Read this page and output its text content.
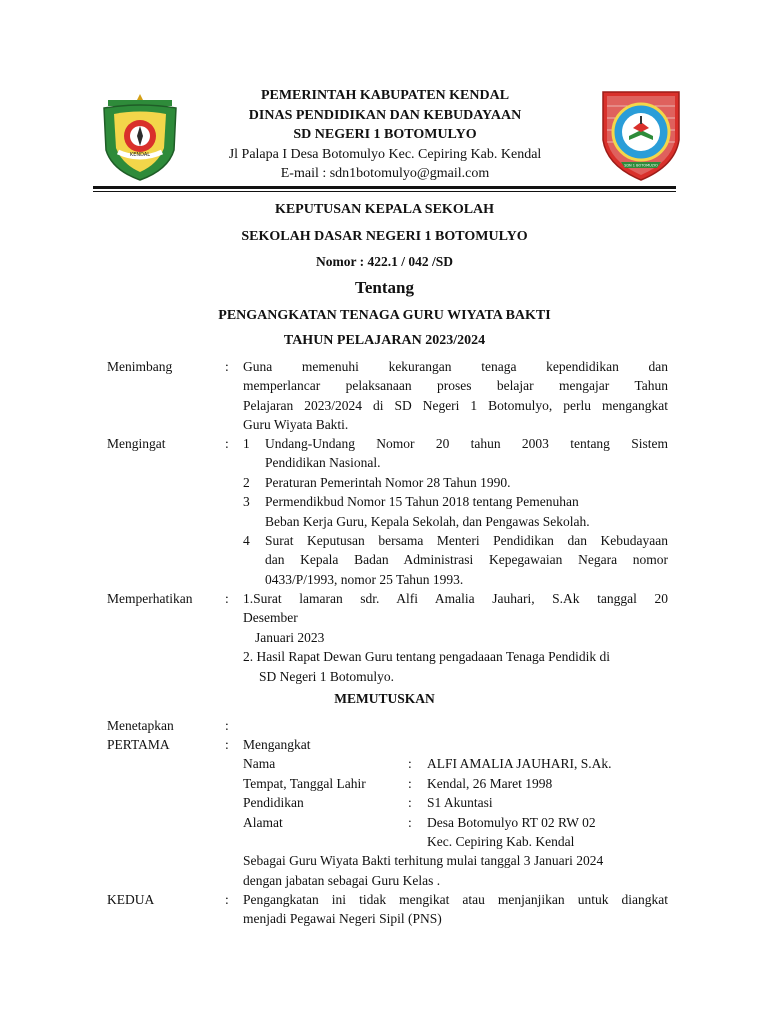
KENDAL
PEMERINTAH KABUPATEN KENDAL
DINAS PENDIDIKAN DAN KEBUDAYAAN
SD NEGERI 1 BOTOMULYO
Jl Palapa I Desa Botomulyo Kec. Cepiring Kab. Kendal
E-mail : sdn1botomulyo@gmail.com
SDN 1 BOTOMULYO
KEPUTUSAN KEPALA SEKOLAH
SEKOLAH DASAR NEGERI 1 BOTOMULYO
Nomor : 422.1 / 042 /SD
Tentang
PENGANGKATAN TENAGA GURU WIYATA BAKTI
TAHUN PELAJARAN 2023/2024
Menimbang	: Guna memenuhi kekurangan tenaga kependidikan dan
memperlancar pelaksanaan proses belajar mengajar Tahun
Pelajaran 2023/2024 di SD Negeri 1 Botomulyo, perlu mengangkat
Guru Wiyata Bakti.
Mengingat	: 1 Undang-Undang Nomor 20 tahun 2003 tentang Sistem
Pendidikan Nasional.
2 Peraturan Pemerintah Nomor 28 Tahun 1990.
3 Permendikbud Nomor 15 Tahun 2018 tentang Pemenuhan
Beban Kerja Guru, Kepala Sekolah, dan Pengawas Sekolah.
4 Surat Keputusan bersama Menteri Pendidikan dan Kebudayaan
dan Kepala Badan Administrasi Kepegawaian Negara nomor
0433/P/1993, nomor 25 Tahun 1993.
Memperhatikan : 1.Surat lamaran sdr. Alfi Amalia Jauhari, S.Ak tanggal 20
Desember
Januari 2023
2. Hasil Rapat Dewan Guru tentang pengadaaan Tenaga Pendidik di
SD Negeri 1 Botomulyo.
MEMUTUSKAN
Menetapkan	:
PERTAMA	: Mengangkat
Nama	: ALFI AMALIA JAUHARI, S.Ak.
Tempat, Tanggal Lahir	: Kendal, 26 Maret 1998
Pendidikan	: S1 Akuntasi
Alamat	: Desa Botomulyo RT 02 RW 02
Kec. Cepiring Kab. Kendal
Sebagai Guru Wiyata Bakti terhitung mulai tanggal 3 Januari 2024
dengan jabatan sebagai Guru Kelas .
KEDUA	: Pengangkatan ini tidak mengikat atau menjanjikan untuk diangkat
menjadi Pegawai Negeri Sipil (PNS)
